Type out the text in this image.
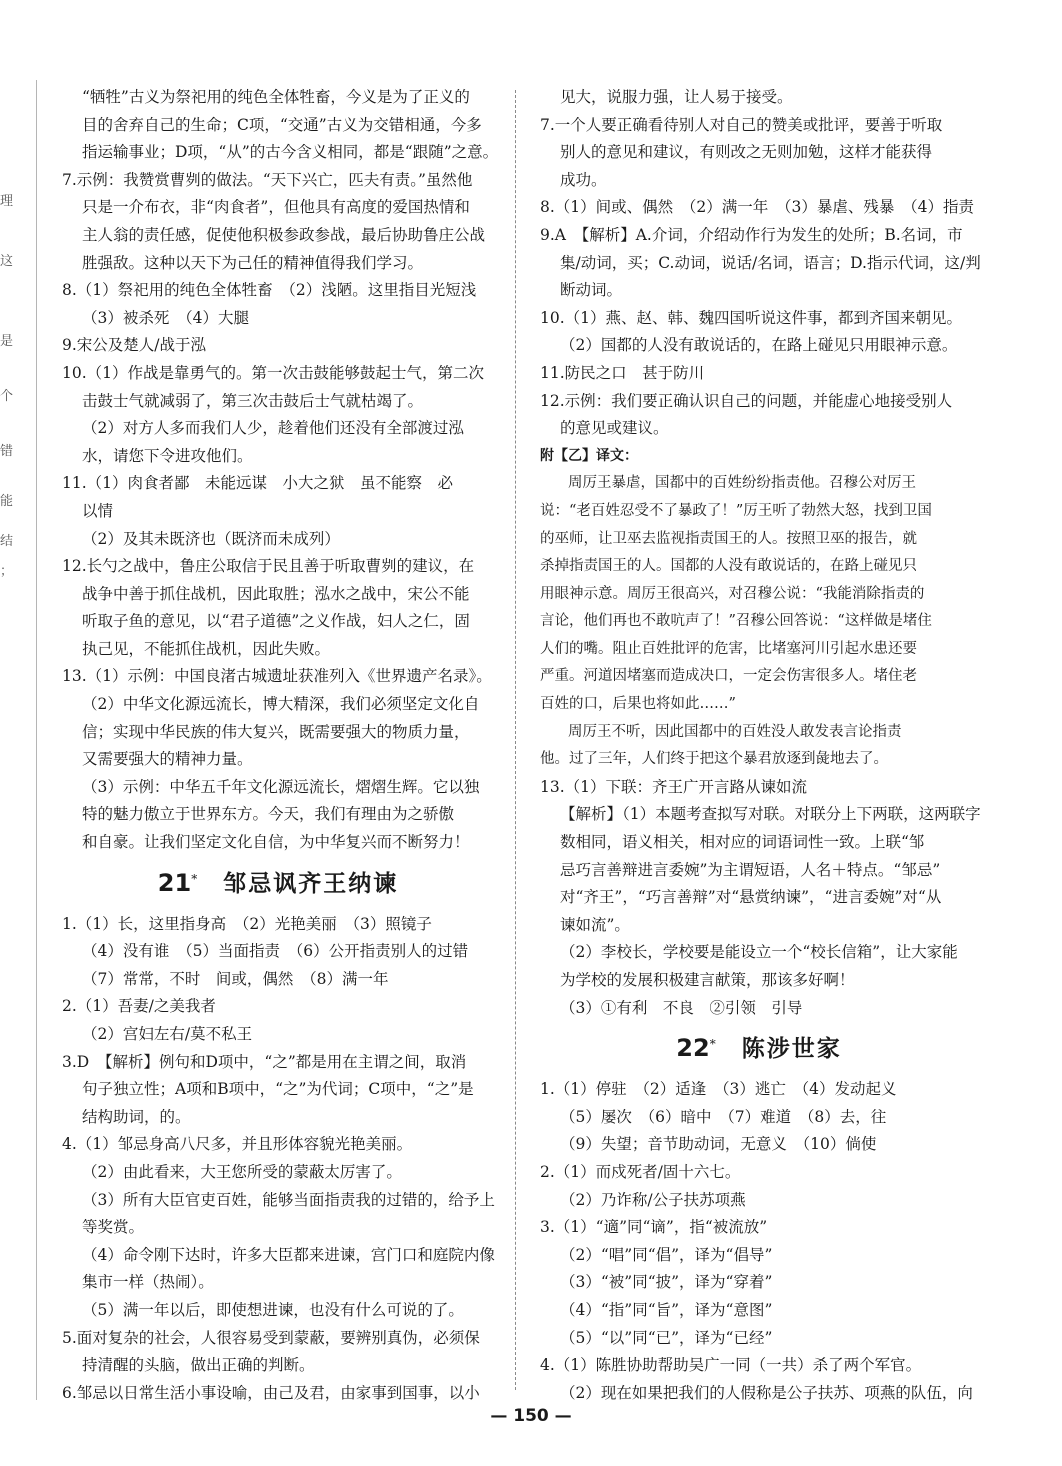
理
这
是
个
错
能
结
；
“牺牲”古义为祭祀用的纯色全体牲畜，今义是为了正义的
目的舍弃自己的生命；C项，“交通”古义为交错相通，今多
指运输事业；D项，“从”的古今含义相同，都是“跟随”之意。
7.示例：我赞赏曹刿的做法。“天下兴亡，匹夫有责。”虽然他
只是一介布衣，非“肉食者”，但他具有高度的爱国热情和
主人翁的责任感，促使他积极参政参战，最后协助鲁庄公战
胜强敌。这种以天下为己任的精神值得我们学习。
8.（1）祭祀用的纯色全体牲畜　（2）浅陋。这里指目光短浅
（3）被杀死　（4）大腿
9.宋公及楚人/战于泓
10.（1）作战是靠勇气的。第一次击鼓能够鼓起士气，第二次
击鼓士气就减弱了，第三次击鼓后士气就枯竭了。
（2）对方人多而我们人少，趁着他们还没有全部渡过泓
水，请您下令进攻他们。
11.（1）肉食者鄙　未能远谋　小大之狱　虽不能察　必
以情
（2）及其未既济也（既济而未成列）
12.长勺之战中，鲁庄公取信于民且善于听取曹刿的建议，在
战争中善于抓住战机，因此取胜；泓水之战中，宋公不能
听取子鱼的意见，以“君子道德”之义作战，妇人之仁，固
执己见，不能抓住战机，因此失败。
13.（1）示例：中国良渚古城遗址获准列入《世界遗产名录》。
（2）中华文化源远流长，博大精深，我们必须坚定文化自
信；实现中华民族的伟大复兴，既需要强大的物质力量，
又需要强大的精神力量。
（3）示例：中华五千年文化源远流长，熠熠生辉。它以独
特的魅力傲立于世界东方。今天，我们有理由为之骄傲
和自豪。让我们坚定文化自信，为中华复兴而不断努力！
21* 邹忌讽齐王纳谏
1.（1）长，这里指身高　（2）光艳美丽　（3）照镜子
（4）没有谁　（5）当面指责　（6）公开指责别人的过错
（7）常常，不时　间或，偶然　（8）满一年
2.（1）吾妻/之美我者
（2）宫妇左右/莫不私王
3.D　【解析】例句和D项中，“之”都是用在主谓之间，取消
句子独立性；A项和B项中，“之”为代词；C项中，“之”是
结构助词，的。
4.（1）邹忌身高八尺多，并且形体容貌光艳美丽。
（2）由此看来，大王您所受的蒙蔽太厉害了。
（3）所有大臣官吏百姓，能够当面指责我的过错的，给予上
等奖赏。
（4）命令刚下达时，许多大臣都来进谏，宫门口和庭院内像
集市一样（热闹）。
（5）满一年以后，即使想进谏，也没有什么可说的了。
5.面对复杂的社会，人很容易受到蒙蔽，要辨别真伪，必须保
持清醒的头脑，做出正确的判断。
6.邹忌以日常生活小事设喻，由己及君，由家事到国事，以小
见大，说服力强，让人易于接受。
7.一个人要正确看待别人对自己的赞美或批评，要善于听取
别人的意见和建议，有则改之无则加勉，这样才能获得
成功。
8.（1）间或、偶然　（2）满一年　（3）暴虐、残暴　（4）指责
9.A　【解析】A.介词，介绍动作行为发生的处所；B.名词，市
集/动词，买；C.动词，说话/名词，语言；D.指示代词，这/判
断动词。
10.（1）燕、赵、韩、魏四国听说这件事，都到齐国来朝见。
（2）国都的人没有敢说话的，在路上碰见只用眼神示意。
11.防民之口　甚于防川
12.示例：我们要正确认识自己的问题，并能虚心地接受别人
的意见或建议。
附【乙】译文：
周厉王暴虐，国都中的百姓纷纷指责他。召穆公对厉王
说：“老百姓忍受不了暴政了！”厉王听了勃然大怒，找到卫国
的巫师，让卫巫去监视指责国王的人。按照卫巫的报告，就
杀掉指责国王的人。国都的人没有敢说话的，在路上碰见只
用眼神示意。周厉王很高兴，对召穆公说：“我能消除指责的
言论，他们再也不敢吭声了！”召穆公回答说：“这样做是堵住
人们的嘴。阻止百姓批评的危害，比堵塞河川引起水患还要
严重。河道因堵塞而造成决口，一定会伤害很多人。堵住老
百姓的口，后果也将如此……”
周厉王不听，因此国都中的百姓没人敢发表言论指责
他。过了三年，人们终于把这个暴君放逐到彘地去了。
13.（1）下联：齐王广开言路从谏如流
【解析】（1）本题考查拟写对联。对联分上下两联，这两联字
数相同，语义相关，相对应的词语词性一致。上联“邹
忌巧言善辩进言委婉”为主谓短语，人名＋特点。“邹忌”
对“齐王”，“巧言善辩”对“悬赏纳谏”，“进言委婉”对“从
谏如流”。
（2）李校长，学校要是能设立一个“校长信箱”，让大家能
为学校的发展积极建言献策，那该多好啊！
（3）①有利　不良　②引领　引导
22* 陈涉世家
1.（1）停驻　（2）适逢　（3）逃亡　（4）发动起义
（5）屡次　（6）暗中　（7）难道　（8）去，往
（9）失望；音节助动词，无意义　（10）倘使
2.（1）而戍死者/固十六七。
（2）乃诈称/公子扶苏项燕
3.（1）“適”同“谪”，指“被流放”
（2）“唱”同“倡”，译为“倡导”
（3）“被”同“披”，译为“穿着”
（4）“指”同“旨”，译为“意图”
（5）“以”同“已”，译为“已经”
4.（1）陈胜协助帮助吴广一同（一共）杀了两个军官。
（2）现在如果把我们的人假称是公子扶苏、项燕的队伍，向
— 150 —
